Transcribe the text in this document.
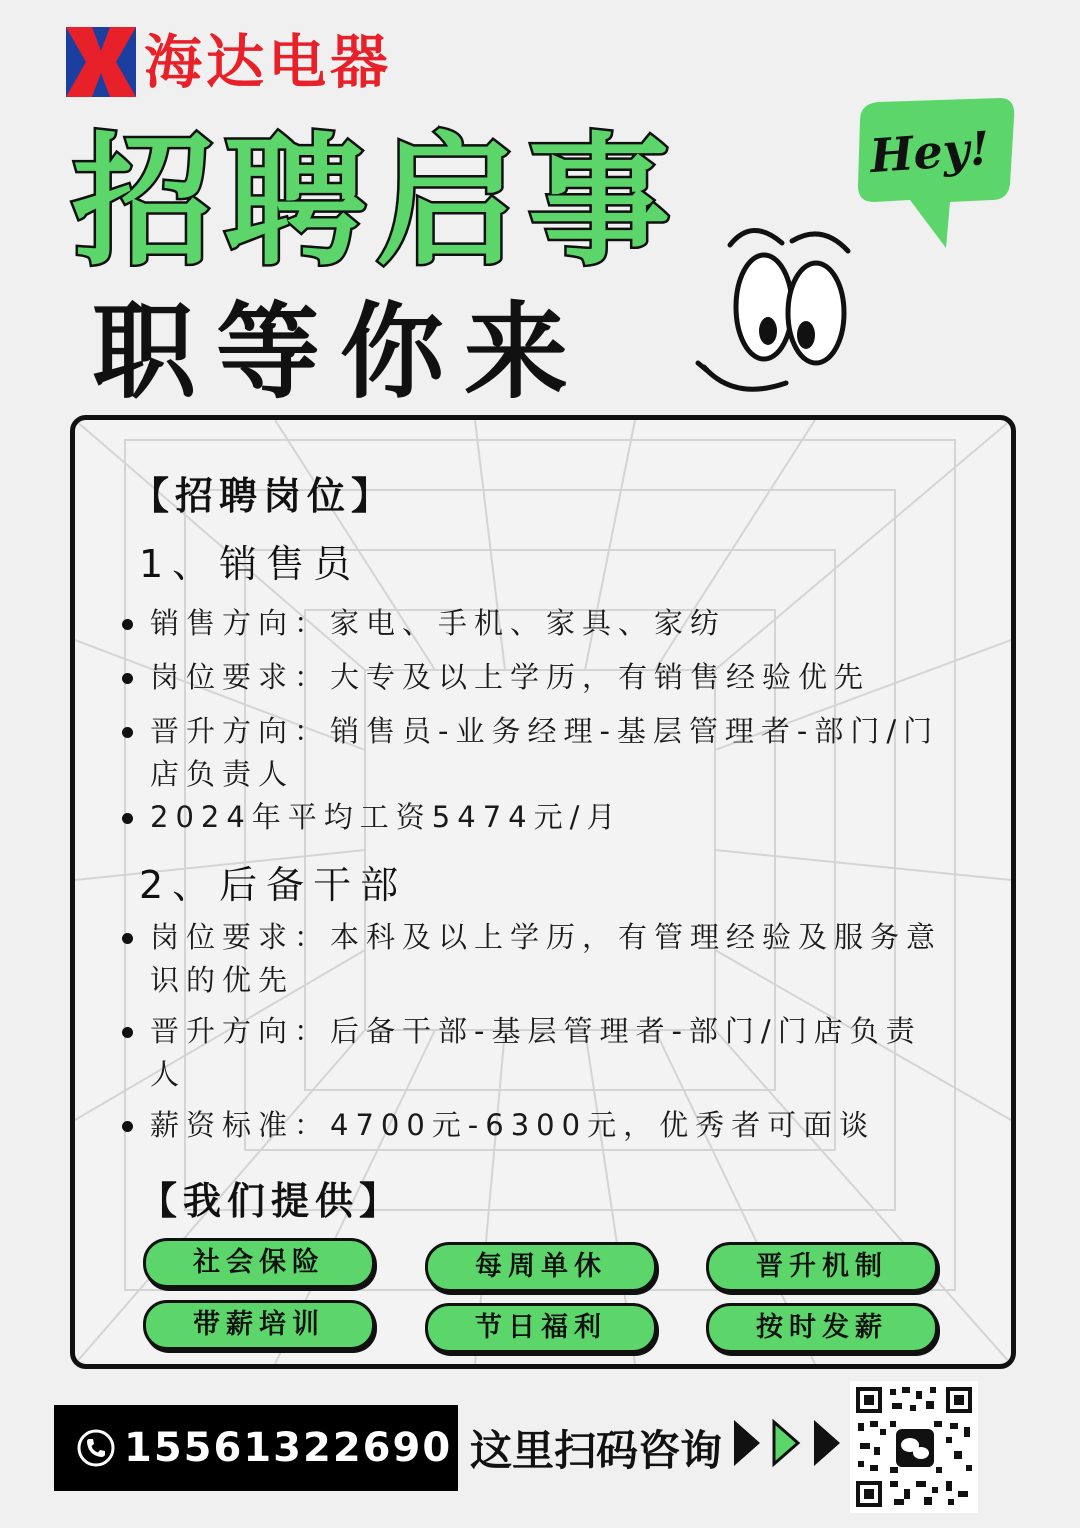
海达电器
招聘启事
职等你来
Hey!
【招聘岗位】
1、销售员
销售方向：家电、手机、家具、家纺
岗位要求：大专及以上学历，有销售经验优先
晋升方向：销售员-业务经理-基层管理者-部门/门店负责人
2024年平均工资5474元/月
2、后备干部
岗位要求：本科及以上学历，有管理经验及服务意识的优先
晋升方向：后备干部-基层管理者-部门/门店负责人
薪资标准：4700元-6300元，优秀者可面谈
【我们提供】
社会保险	每周单休	晋升机制
带薪培训	节日福利	按时发薪
15561322690 这里扫码咨询
